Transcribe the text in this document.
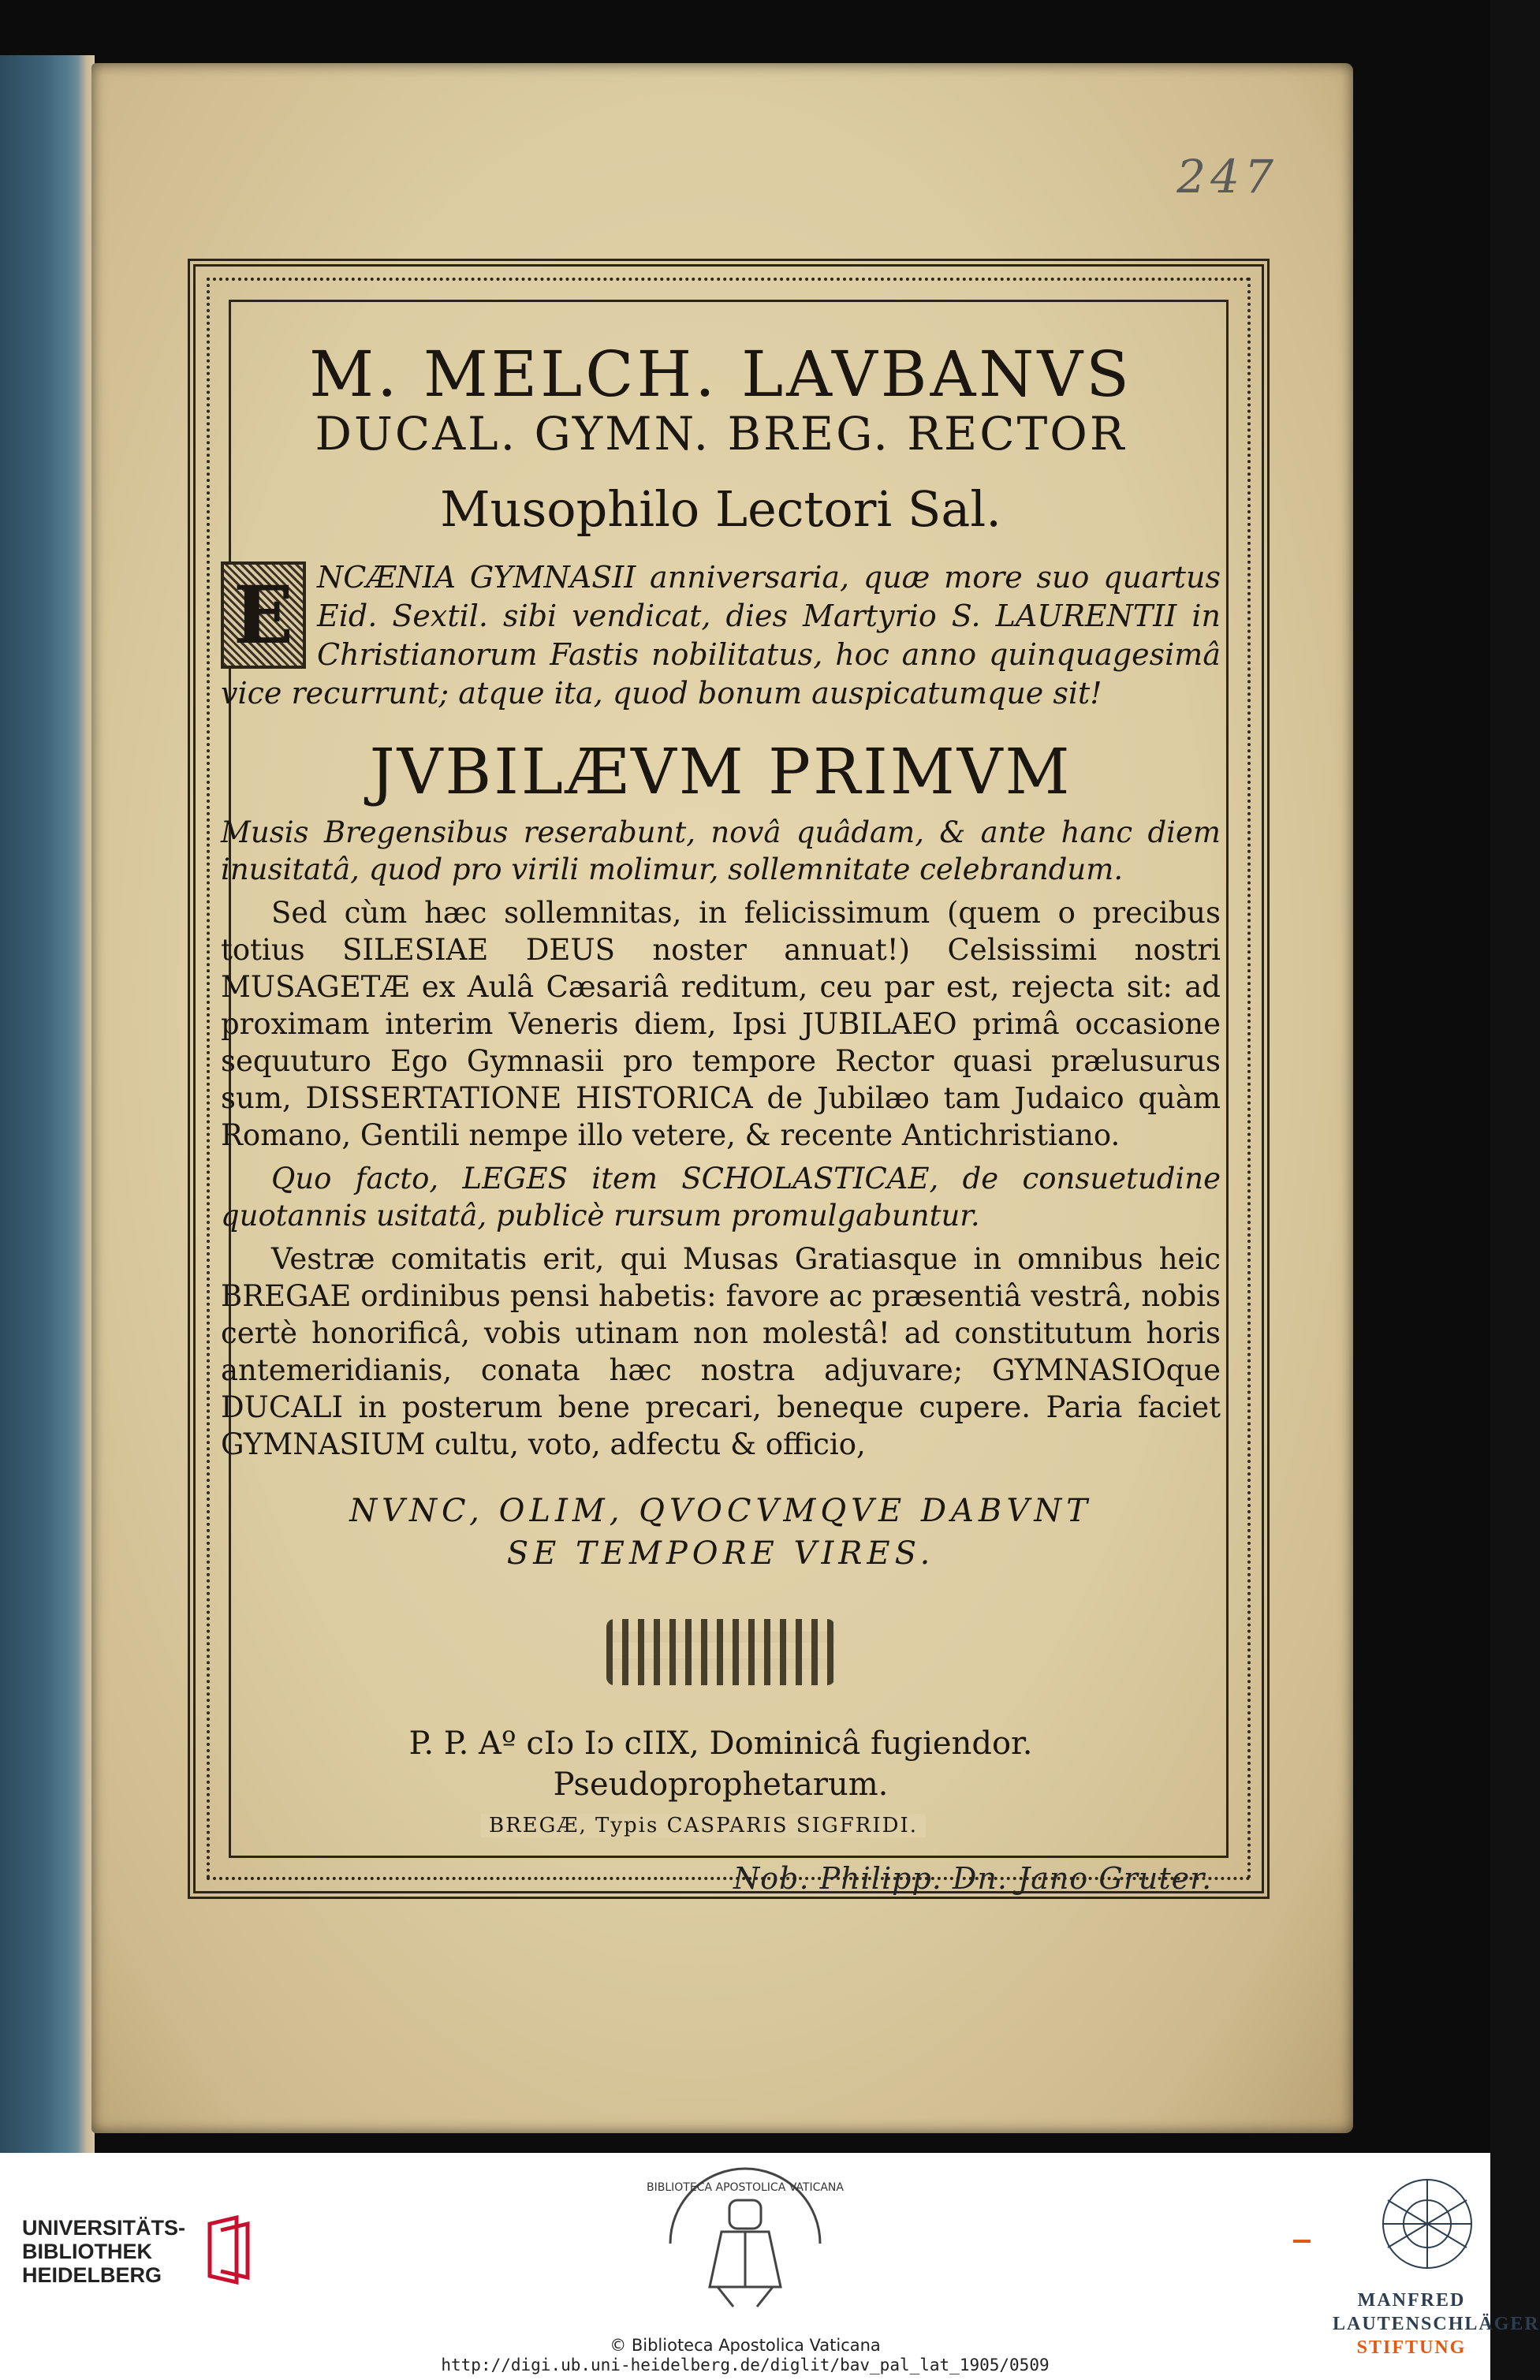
247
M. MELCH. LAVBANVS
DUCAL. GYMN. BREG. RECTOR
Musophilo Lectori Sal.
E NCÆNIA GYMNASII anniversaria, quæ more suo quartus Eid. Sextil. sibi vendicat, dies Martyrio S. LAURENTII in Christianorum Fastis nobilitatus, hoc anno quinquagesimâ vice recurrunt; atque ita, quod bonum auspicatumque sit!
JVBILÆVM PRIMVM
Musis Bregensibus reserabunt, novâ quâdam, & ante hanc diem inusitatâ, quod pro virili molimur, sollemnitate celebrandum.
Sed cùm hæc sollemnitas, in felicissimum (quem o precibus totius SILESIAE DEUS noster annuat!) Celsissimi nostri MUSAGETÆ ex Aulâ Cæsariâ reditum, ceu par est, rejecta sit: ad proximam interim Veneris diem, Ipsi JUBILAEO primâ occasione sequuturo Ego Gymnasii pro tempore Rector quasi prælusurus sum, DISSERTATIONE HISTORICA de Jubilæo tam Judaico quàm Romano, Gentili nempe illo vetere, & recente Antichristiano.
Quo facto, LEGES item SCHOLASTICAE, de consuetudine quotannis usitatâ, publicè rursum promulgabuntur.
Vestræ comitatis erit, qui Musas Gratiasque in omnibus heic BREGAE ordinibus pensi habetis: favore ac præsentiâ vestrâ, nobis certè honorificâ, vobis utinam non molestâ! ad constitutum horis antemeridianis, conata hæc nostra adjuvare; GYMNASIOque DUCALI in posterum bene precari, beneque cupere. Paria faciet GYMNASIUM cultu, voto, adfectu & officio,
NVNC, OLIM, QVOCVMQVE DABVNT
SE TEMPORE VIRES.
P. P. Aº cIɔ Iɔ cIIX, Dominicâ fugiendor.
Pseudoprophetarum.
BREGÆ, Typis CASPARIS SIGFRIDI.
Nob. Philipp. Dn. Jano Gruter.
UNIVERSITÄTS-
BIBLIOTHEK
HEIDELBERG
BIBLIOTECA APOSTOLICA VATICANA
© Biblioteca Apostolica Vaticana
http://digi.ub.uni-heidelberg.de/diglit/bav_pal_lat_1905/0509
MANFRED
LAUTENSCHLÄGER
STIFTUNG
